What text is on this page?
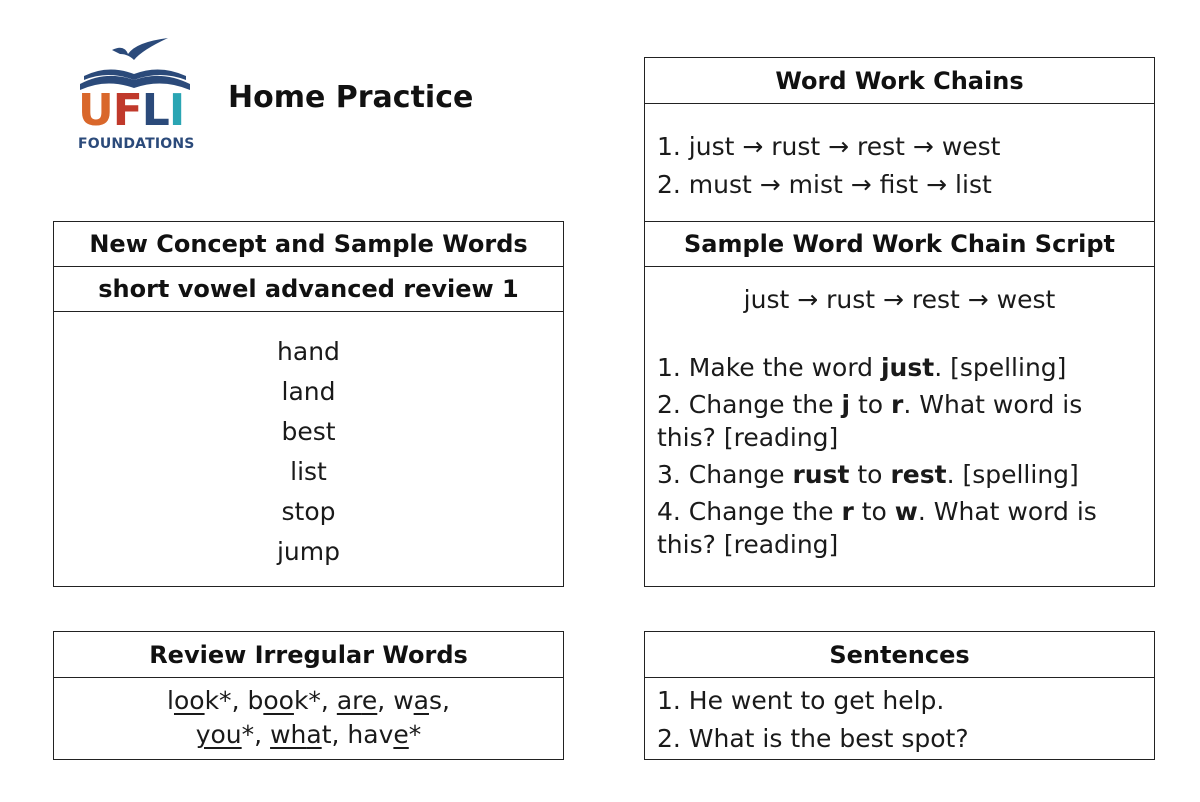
UFLI
FOUNDATIONS
Home Practice
New Concept and Sample Words
short vowel advanced review 1
hand
land
best
list
stop
jump
Review Irregular Words
look*, book*, are, was,
you*, what, have*
Word Work Chains
1. just → rust → rest → west
2. must → mist → fist → list
Sample Word Work Chain Script
just → rust → rest → west
1. Make the word just. [spelling]
2. Change the j to r. What word is this? [reading]
3. Change rust to rest. [spelling]
4. Change the r to w. What word is this? [reading]
Sentences
1. He went to get help.
2. What is the best spot?
